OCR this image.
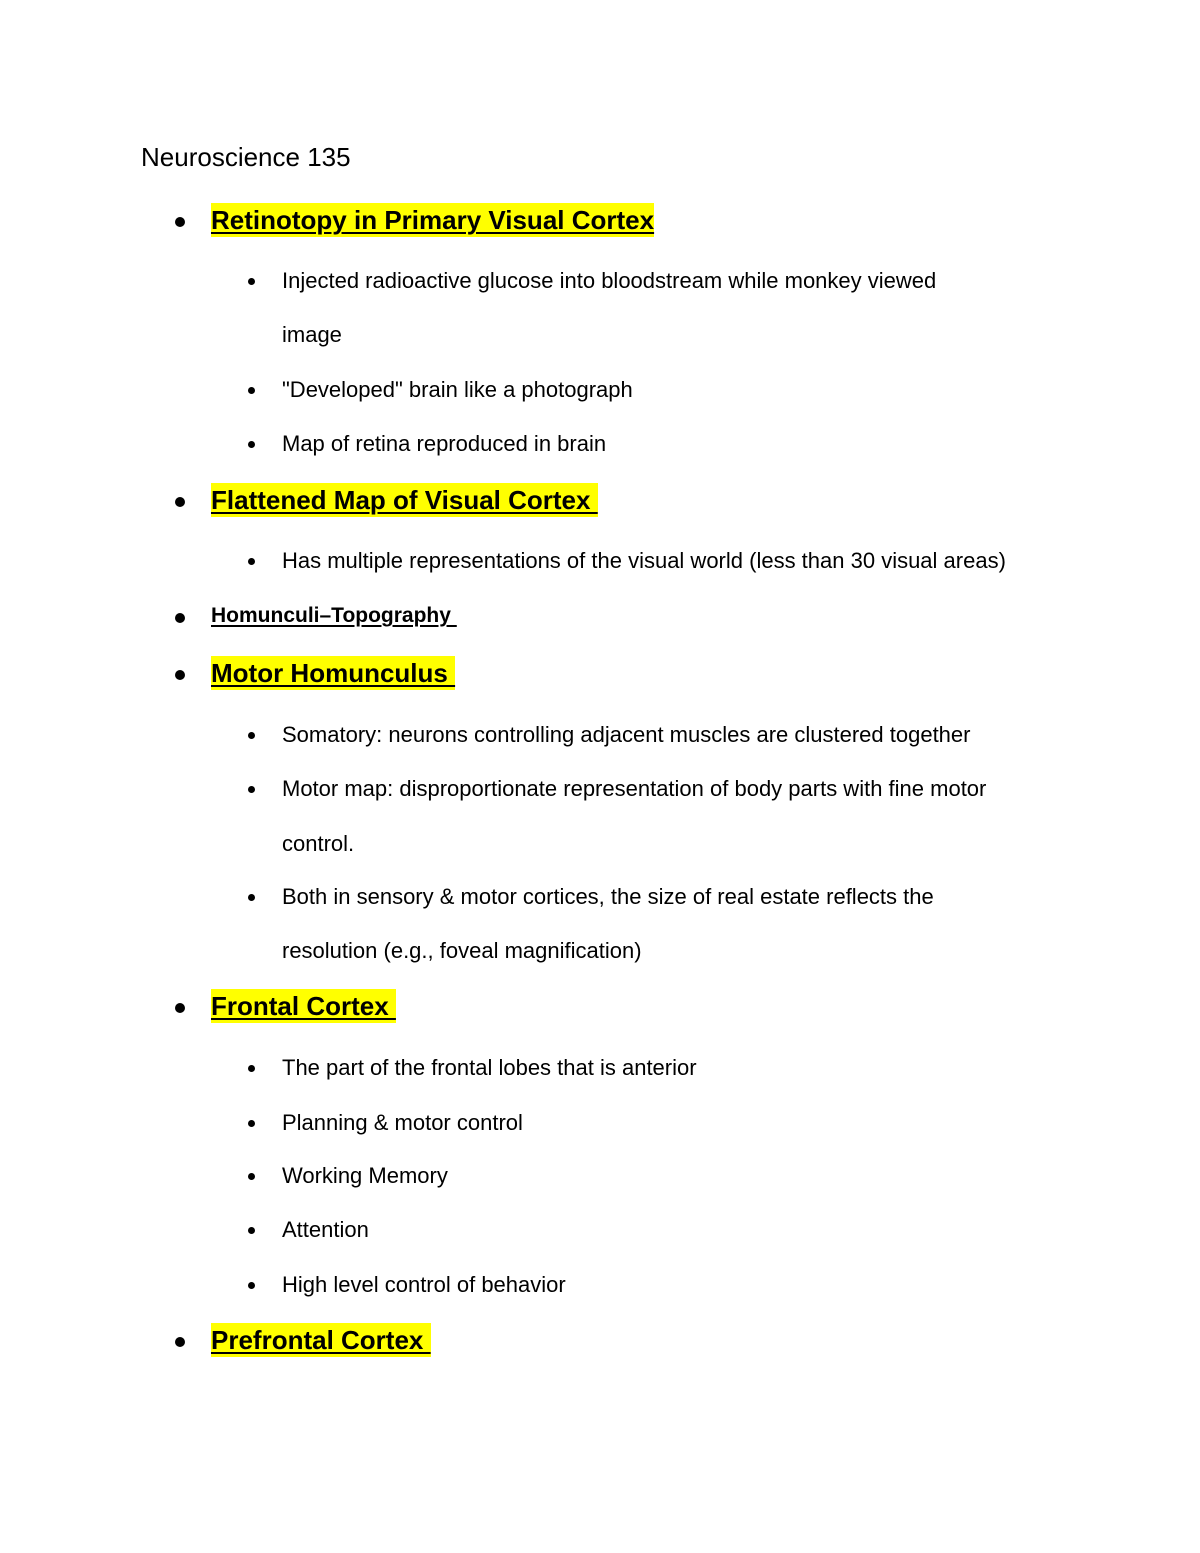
Neuroscience 135
Retinotopy in Primary Visual Cortex
Injected radioactive glucose into bloodstream while monkey viewed
image
"Developed" brain like a photograph
Map of retina reproduced in brain
Flattened Map of Visual Cortex
Has multiple representations of the visual world (less than 30 visual areas)
Homunculi–Topography
Motor Homunculus
Somatory: neurons controlling adjacent muscles are clustered together
Motor map: disproportionate representation of body parts with fine motor
control.
Both in sensory & motor cortices, the size of real estate reflects the
resolution (e.g., foveal magnification)
Frontal Cortex
The part of the frontal lobes that is anterior
Planning & motor control
Working Memory
Attention
High level control of behavior
Prefrontal Cortex
